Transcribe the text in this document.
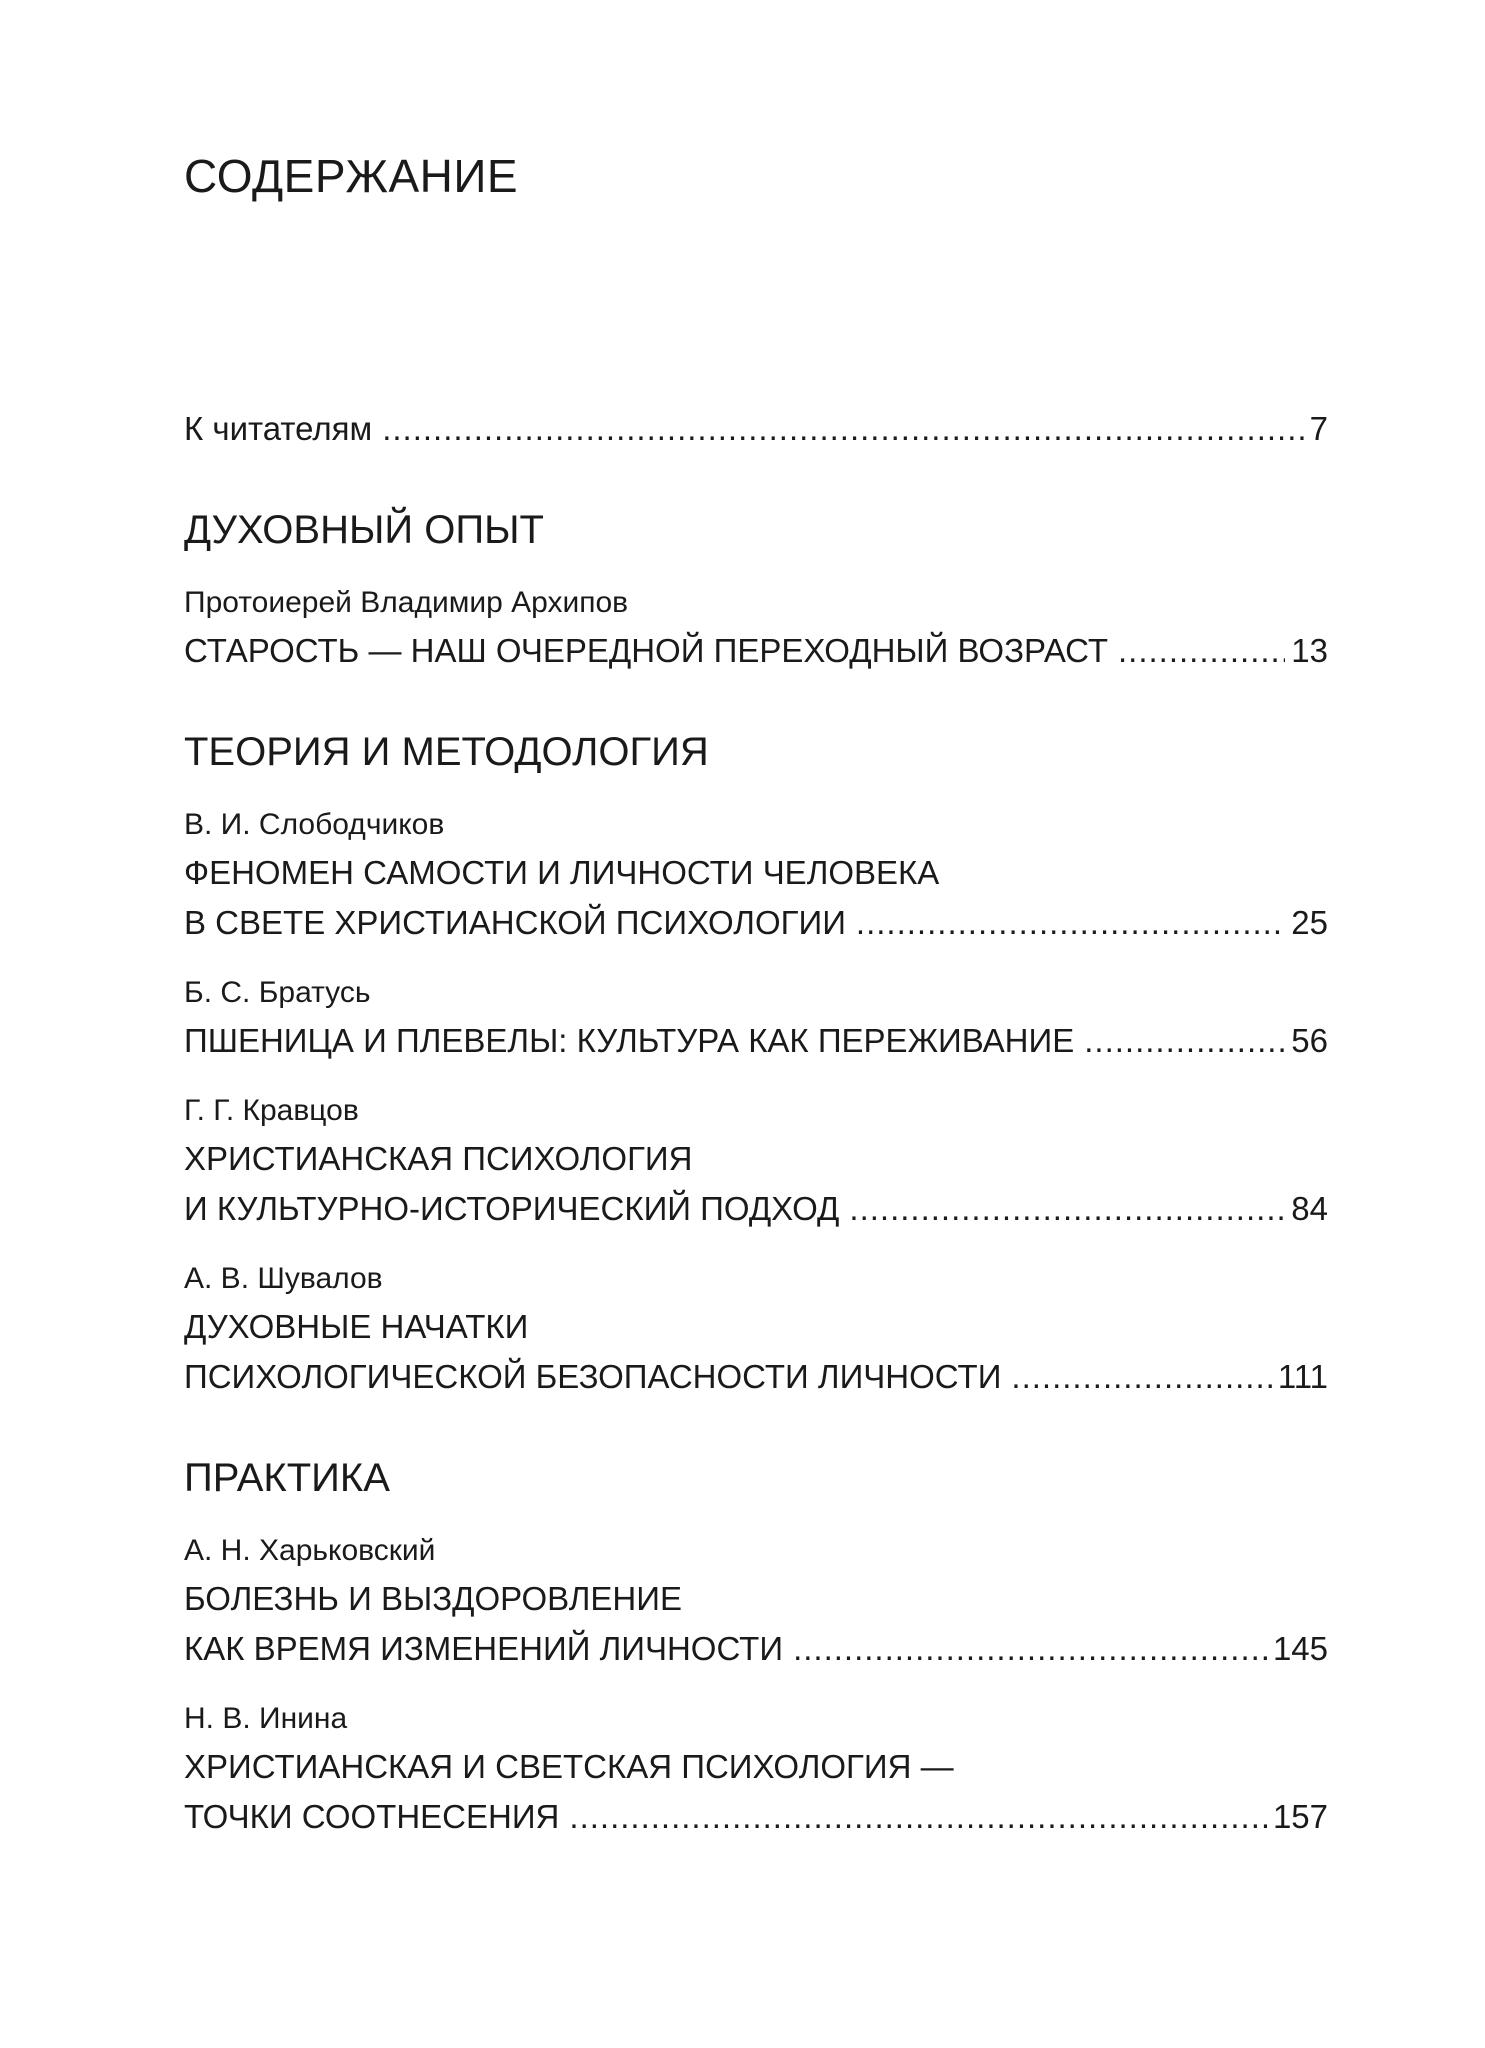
СОДЕРЖАНИЕ
К читателям .....	7
ДУХОВНЫЙ ОПЫТ

Протоиерей Владимир Архипов

СТАРОСТЬ — НАШ ОЧЕРЕДНОЙ ПЕРЕХОДНЫЙ ВОЗРАСТ .....	13
ТЕОРИЯ И МЕТОДОЛОГИЯ

В. И. Слободчиков

ФЕНОМЕН САМОСТИ И ЛИЧНОСТИ ЧЕЛОВЕКА

В СВЕТЕ ХРИСТИАНСКОЙ ПСИХОЛОГИИ .....	25

Б. С. Братусь

ПШЕНИЦА И ПЛЕВЕЛЫ: КУЛЬТУРА КАК ПЕРЕЖИВАНИЕ .....	56

Г. Г. Кравцов

ХРИСТИАНСКАЯ ПСИХОЛОГИЯ

И КУЛЬТУРНО-ИСТОРИЧЕСКИЙ ПОДХОД .....	84

А. В. Шувалов

ДУХОВНЫЕ НАЧАТКИ

ПСИХОЛОГИЧЕСКОЙ БЕЗОПАСНОСТИ ЛИЧНОСТИ .....	111
ПРАКТИКА

А. Н. Харьковский

БОЛЕЗНЬ И ВЫЗДОРОВЛЕНИЕ

КАК ВРЕМЯ ИЗМЕНЕНИЙ ЛИЧНОСТИ .....	145

Н. В. Инина

ХРИСТИАНСКАЯ И СВЕТСКАЯ ПСИХОЛОГИЯ —

ТОЧКИ СООТНЕСЕНИЯ .....	157
